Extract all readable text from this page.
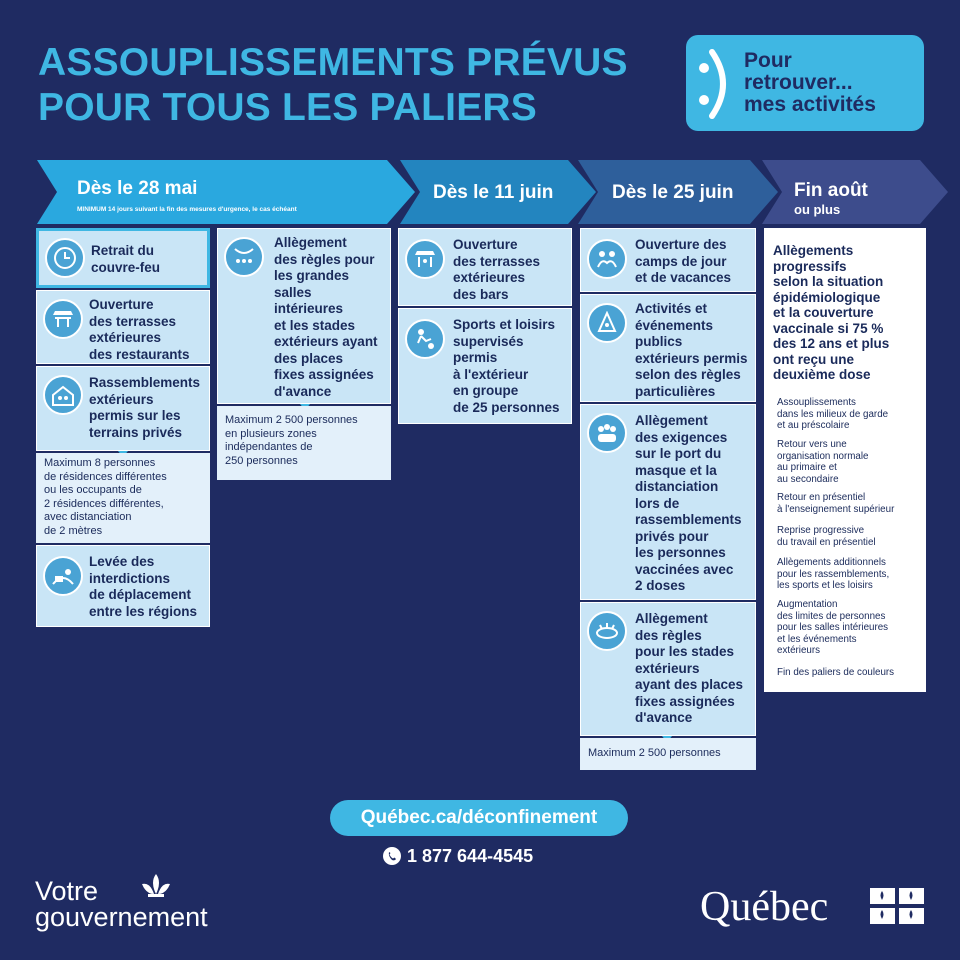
ASSOUPLISSEMENTS PRÉVUS
POUR TOUS LES PALIERS
Pour
retrouver...
mes activités
Dès le 28 mai
MINIMUM 14 jours suivant la fin des mesures d'urgence, le cas échéant
Dès le 11 juin	Dès le 25 juin	Fin août
ou plus
Retrait du
couvre-feu
Ouverture
des terrasses
extérieures
des restaurants
Rassemblements
extérieurs
permis sur les
terrains privés
Maximum 8 personnes
de résidences différentes
ou les occupants de
2 résidences différentes,
avec distanciation
de 2 mètres
Levée des
interdictions
de déplacement
entre les régions
Allègement
des règles pour
les grandes
salles
intérieures
et les stades
extérieurs ayant
des places
fixes assignées
d'avance
Maximum 2 500 personnes
en plusieurs zones
indépendantes de
250 personnes
Ouverture
des terrasses
extérieures
des bars
Sports et loisirs
supervisés
permis
à l'extérieur
en groupe
de 25 personnes
Ouverture des
camps de jour
et de vacances
Activités et
événements
publics
extérieurs permis
selon des règles
particulières
Allègement
des exigences
sur le port du
masque et la
distanciation
lors de
rassemblements
privés pour
les personnes
vaccinées avec
2 doses
Allègement
des règles
pour les stades
extérieurs
ayant des places
fixes assignées
d'avance
Maximum 2 500 personnes
Allègements
progressifs
selon la situation
épidémiologique
et la couverture
vaccinale si 75 %
des 12 ans et plus
ont reçu une
deuxième dose
Assouplissements
dans les milieux de garde
et au préscolaire
Retour vers une
organisation normale
au primaire et
au secondaire
Retour en présentiel
à l'enseignement supérieur
Reprise progressive
du travail en présentiel
Allègements additionnels
pour les rassemblements,
les sports et les loisirs
Augmentation
des limites de personnes
pour les salles intérieures
et les événements
extérieurs
Fin des paliers de couleurs
Québec.ca/déconfinement
1 877 644-4545
Votre
gouvernement	Québec
